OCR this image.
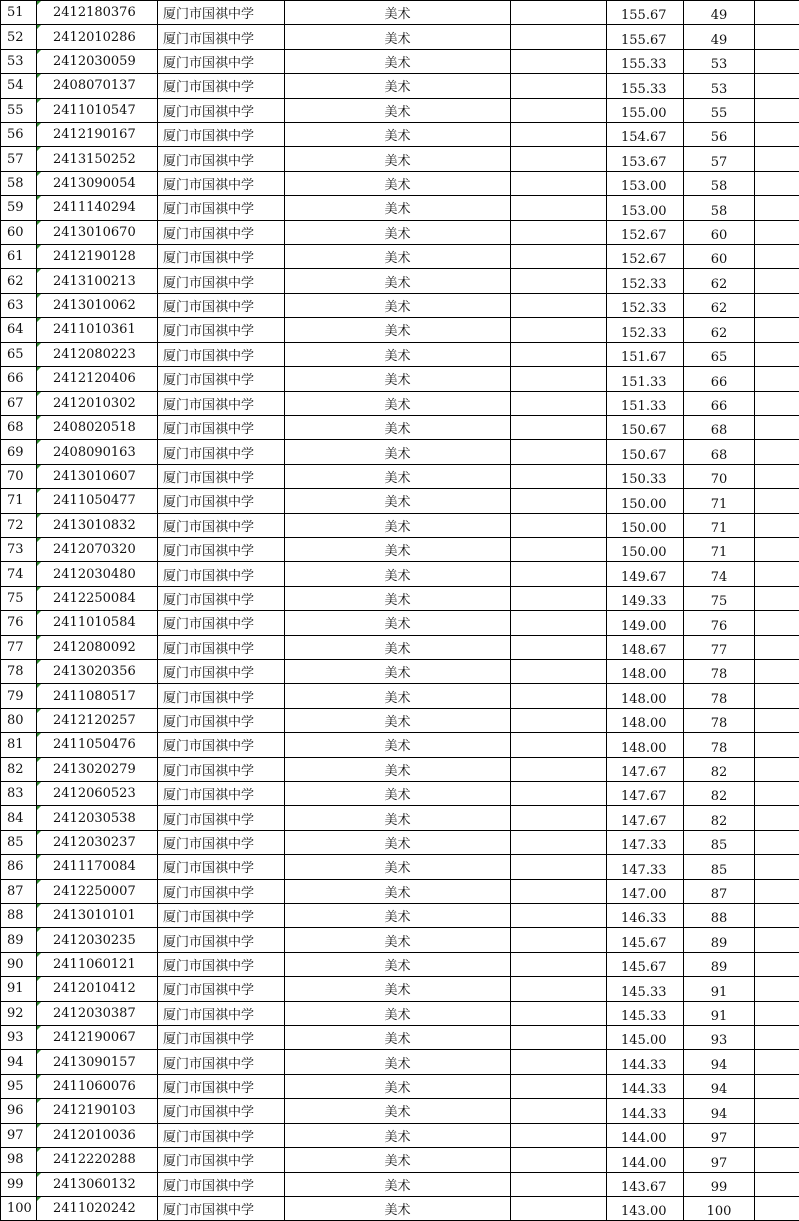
51	2412180376	厦门市国祺中学	美术		155.67	49	
52	2412010286	厦门市国祺中学	美术		155.67	49	
53	2412030059	厦门市国祺中学	美术		155.33	53	
54	2408070137	厦门市国祺中学	美术		155.33	53	
55	2411010547	厦门市国祺中学	美术		155.00	55	
56	2412190167	厦门市国祺中学	美术		154.67	56	
57	2413150252	厦门市国祺中学	美术		153.67	57	
58	2413090054	厦门市国祺中学	美术		153.00	58	
59	2411140294	厦门市国祺中学	美术		153.00	58	
60	2413010670	厦门市国祺中学	美术		152.67	60	
61	2412190128	厦门市国祺中学	美术		152.67	60	
62	2413100213	厦门市国祺中学	美术		152.33	62	
63	2413010062	厦门市国祺中学	美术		152.33	62	
64	2411010361	厦门市国祺中学	美术		152.33	62	
65	2412080223	厦门市国祺中学	美术		151.67	65	
66	2412120406	厦门市国祺中学	美术		151.33	66	
67	2412010302	厦门市国祺中学	美术		151.33	66	
68	2408020518	厦门市国祺中学	美术		150.67	68	
69	2408090163	厦门市国祺中学	美术		150.67	68	
70	2413010607	厦门市国祺中学	美术		150.33	70	
71	2411050477	厦门市国祺中学	美术		150.00	71	
72	2413010832	厦门市国祺中学	美术		150.00	71	
73	2412070320	厦门市国祺中学	美术		150.00	71	
74	2412030480	厦门市国祺中学	美术		149.67	74	
75	2412250084	厦门市国祺中学	美术		149.33	75	
76	2411010584	厦门市国祺中学	美术		149.00	76	
77	2412080092	厦门市国祺中学	美术		148.67	77	
78	2413020356	厦门市国祺中学	美术		148.00	78	
79	2411080517	厦门市国祺中学	美术		148.00	78	
80	2412120257	厦门市国祺中学	美术		148.00	78	
81	2411050476	厦门市国祺中学	美术		148.00	78	
82	2413020279	厦门市国祺中学	美术		147.67	82	
83	2412060523	厦门市国祺中学	美术		147.67	82	
84	2412030538	厦门市国祺中学	美术		147.67	82	
85	2412030237	厦门市国祺中学	美术		147.33	85	
86	2411170084	厦门市国祺中学	美术		147.33	85	
87	2412250007	厦门市国祺中学	美术		147.00	87	
88	2413010101	厦门市国祺中学	美术		146.33	88	
89	2412030235	厦门市国祺中学	美术		145.67	89	
90	2411060121	厦门市国祺中学	美术		145.67	89	
91	2412010412	厦门市国祺中学	美术		145.33	91	
92	2412030387	厦门市国祺中学	美术		145.33	91	
93	2412190067	厦门市国祺中学	美术		145.00	93	
94	2413090157	厦门市国祺中学	美术		144.33	94	
95	2411060076	厦门市国祺中学	美术		144.33	94	
96	2412190103	厦门市国祺中学	美术		144.33	94	
97	2412010036	厦门市国祺中学	美术		144.00	97	
98	2412220288	厦门市国祺中学	美术		144.00	97	
99	2413060132	厦门市国祺中学	美术		143.67	99	
100	2411020242	厦门市国祺中学	美术		143.00	100	
